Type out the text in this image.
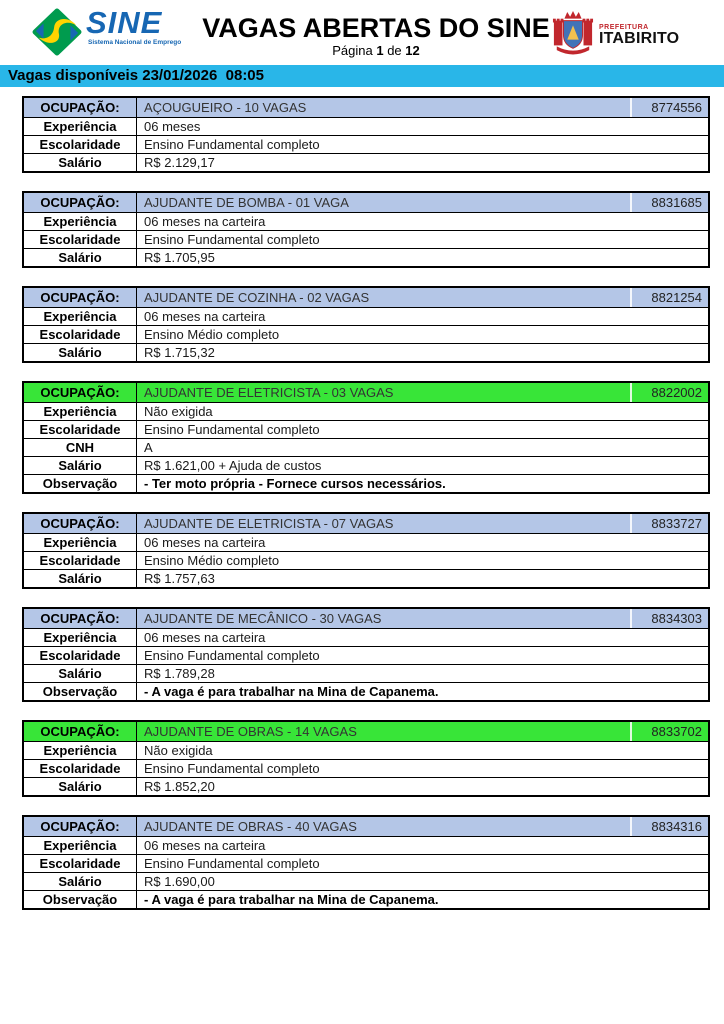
SINE
Sistema Nacional de Emprego VAGAS ABERTAS DO SINE
Página 1 de 12
PREFEITURA
ITABIRITO
Vagas disponíveis 23/01/2026  08:05
OCUPAÇÃO:	AÇOUGUEIRO - 10 VAGAS	8774556
Experiência	06 meses
Escolaridade	Ensino Fundamental completo
Salário	R$ 2.129,17
OCUPAÇÃO:	AJUDANTE DE BOMBA - 01 VAGA	8831685
Experiência	06 meses na carteira
Escolaridade	Ensino Fundamental completo
Salário	R$ 1.705,95
OCUPAÇÃO:	AJUDANTE DE COZINHA - 02 VAGAS	8821254
Experiência	06 meses na carteira
Escolaridade	Ensino Médio completo
Salário	R$ 1.715,32
OCUPAÇÃO:	AJUDANTE DE ELETRICISTA - 03 VAGAS	8822002
Experiência	Não exigida
Escolaridade	Ensino Fundamental completo
CNH	A
Salário	R$ 1.621,00 + Ajuda de custos
Observação	- Ter moto própria - Fornece cursos necessários.
OCUPAÇÃO:	AJUDANTE DE ELETRICISTA - 07 VAGAS	8833727
Experiência	06 meses na carteira
Escolaridade	Ensino Médio completo
Salário	R$ 1.757,63
OCUPAÇÃO:	AJUDANTE DE MECÂNICO - 30 VAGAS	8834303
Experiência	06 meses na carteira
Escolaridade	Ensino Fundamental completo
Salário	R$ 1.789,28
Observação	- A vaga é para trabalhar na Mina de Capanema.
OCUPAÇÃO:	AJUDANTE DE OBRAS - 14 VAGAS	8833702
Experiência	Não exigida
Escolaridade	Ensino Fundamental completo
Salário	R$ 1.852,20
OCUPAÇÃO:	AJUDANTE DE OBRAS - 40 VAGAS	8834316
Experiência	06 meses na carteira
Escolaridade	Ensino Fundamental completo
Salário	R$ 1.690,00
Observação	- A vaga é para trabalhar na Mina de Capanema.
